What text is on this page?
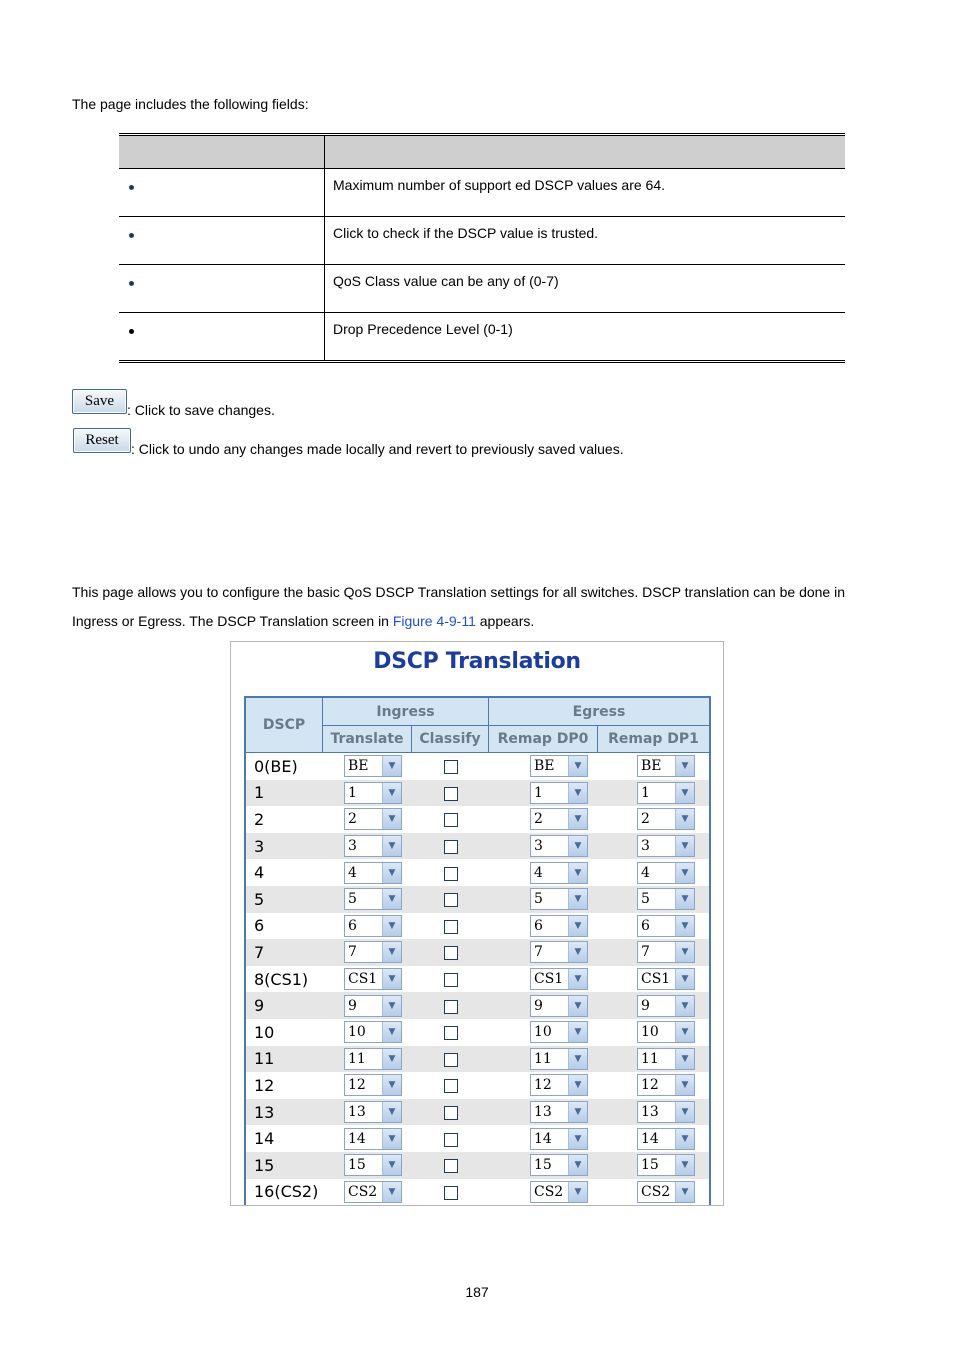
The page includes the following fields:

	Maximum number of support ed DSCP values are 64.
	Click to check if the DSCP value is trusted.
	QoS Class value can be any of (0-7)
	Drop Precedence Level (0-1)
Save
: Click to save changes.
Reset
: Click to undo any changes made locally and revert to previously saved values.
This page allows you to configure the basic QoS DSCP Translation settings for all switches. DSCP translation can be done in Ingress or Egress. The DSCP Translation screen in Figure 4-9-11 appears.
DSCP Translation
DSCP	Ingress		Egress	
	Translate	Classify	Remap DP0	Remap DP1
0(BE)	BE ▼		BE ▼	BE ▼

1	1 ▼		1 ▼	1 ▼

2	2 ▼		2 ▼	2 ▼

3	3 ▼		3 ▼	3 ▼

4	4 ▼		4 ▼	4 ▼

5	5 ▼		5 ▼	5 ▼

6	6 ▼		6 ▼	6 ▼

7	7 ▼		7 ▼	7 ▼

8(CS1)	CS1 ▼		CS1 ▼	CS1 ▼

9	9 ▼		9 ▼	9 ▼

10	10 ▼		10 ▼	10 ▼

11	11 ▼		11 ▼	11 ▼

12	12 ▼		12 ▼	12 ▼

13	13 ▼		13 ▼	13 ▼

14	14 ▼		14 ▼	14 ▼

15	15 ▼		15 ▼	15 ▼

16(CS2)	CS2 ▼		CS2 ▼	CS2 ▼
187
